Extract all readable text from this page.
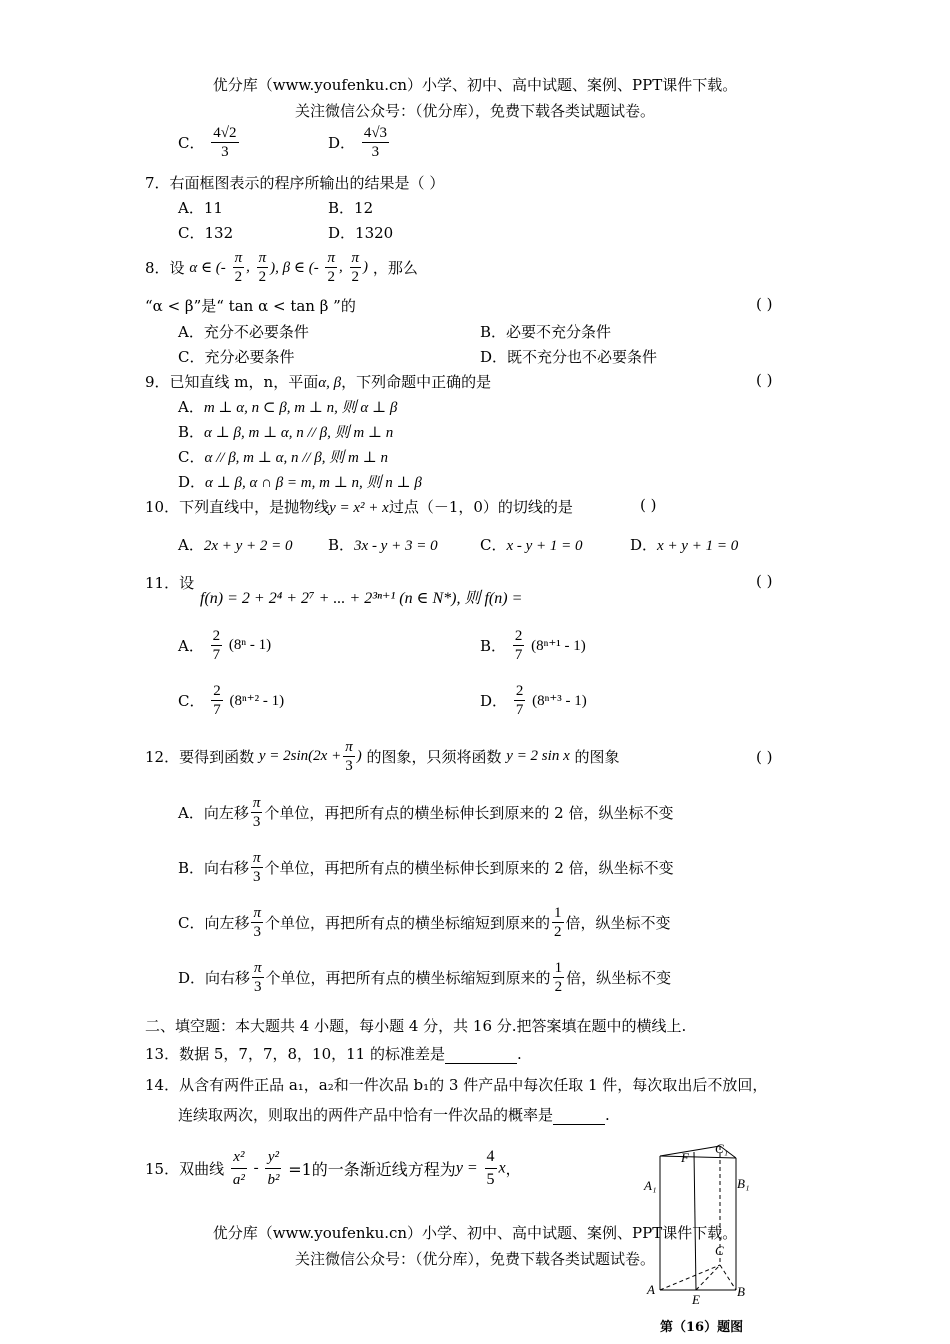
优分库（www.youfenku.cn）小学、初中、高中试题、案例、PPT课件下载。
关注微信公众号：（优分库），免费下载各类试题试卷。
C． $\frac{4√2}{3}$	D． $\frac{4√3}{3}$
7．右面框图表示的程序所输出的结果是（ ）
A．11	B．12
C．132	D．1320
8．设 α ∈ (- $\frac{\pi}{2}$ , $\frac{\pi}{2}$ ), β ∈ (- $\frac{\pi}{2}$ , $\frac{\pi}{2}$ ) ，那么
“α < β”是“ tan α < tan β ”的	( )
A．充分不必要条件	B．必要不充分条件
C．充分必要条件	D．既不充分也不必要条件
9．已知直线 m，n，平面α, β，下列命题中正确的是	( )
A．m ⊥ α, n ⊂ β, m ⊥ n, 则 α ⊥ β
B．α ⊥ β, m ⊥ α, n // β, 则 m ⊥ n
C．α // β, m ⊥ α, n // β, 则 m ⊥ n
D．α ⊥ β, α ∩ β = m, m ⊥ n, 则 n ⊥ β
10．下列直线中，是抛物线y = x² + x过点（－1，0）的切线的是	( )
A．2x + y + 2 = 0 B．3x - y + 3 = 0	C．x - y + 1 = 0	D．x + y + 1 = 0
11．设
f(n) = 2 + 2⁴ + 2⁷ + ... + 2³ⁿ⁺¹ (n ∈ N*), 则 f(n) =
( )
A． $\frac{2}{7} (8^n - 1)$	B． $\frac{2}{7} (8^{n+1} - 1)$
C． $\frac{2}{7} (8^{n+2} - 1)$	D． $\frac{2}{7} (8^{n+3} - 1)$
12．要得到函数 $y = 2\sin(2x + \frac{\pi}{3}$ ) 的图象，只须将函数 y = 2 sin x 的图象	( )
A．向左移 $\frac{\pi}{3}$ 个单位，再把所有点的横坐标伸长到原来的 2 倍，纵坐标不变
B．向右移 $\frac{\pi}{3}$ 个单位，再把所有点的横坐标伸长到原来的 2 倍，纵坐标不变
C．向左移 $\frac{\pi}{3}$ 个单位，再把所有点的横坐标缩短到原来的 $\frac{1}{2}$ 倍，纵坐标不变
D．向右移 $\frac{\pi}{3}$ 个单位，再把所有点的横坐标缩短到原来的 $\frac{1}{2}$ 倍，纵坐标不变
二、填空题：本大题共 4 小题，每小题 4 分，共 16 分.把答案填在题中的横线上.
13．数据 5，7，7，8，10，11 的标准差是	.
14．从含有两件正品 a₁，a₂和一件次品 b₁的 3 件产品中每次任取 1 件，每次取出后不放回，
连续取两次，则取出的两件产品中恰有一件次品的概率是	.
15．双曲线 $\frac{\text{x²}}{\text{a²}} - \frac{\text{y²}}{\text{b²}} =1$的一条渐近线方程为$y = \frac{4}{5}$ x，
F
C₁
A₁	B₁
C
A	B
E
第（16）题图
优分库（www.youfenku.cn）小学、初中、高中试题、案例、PPT课件下载。
关注微信公众号：（优分库），免费下载各类试题试卷。
